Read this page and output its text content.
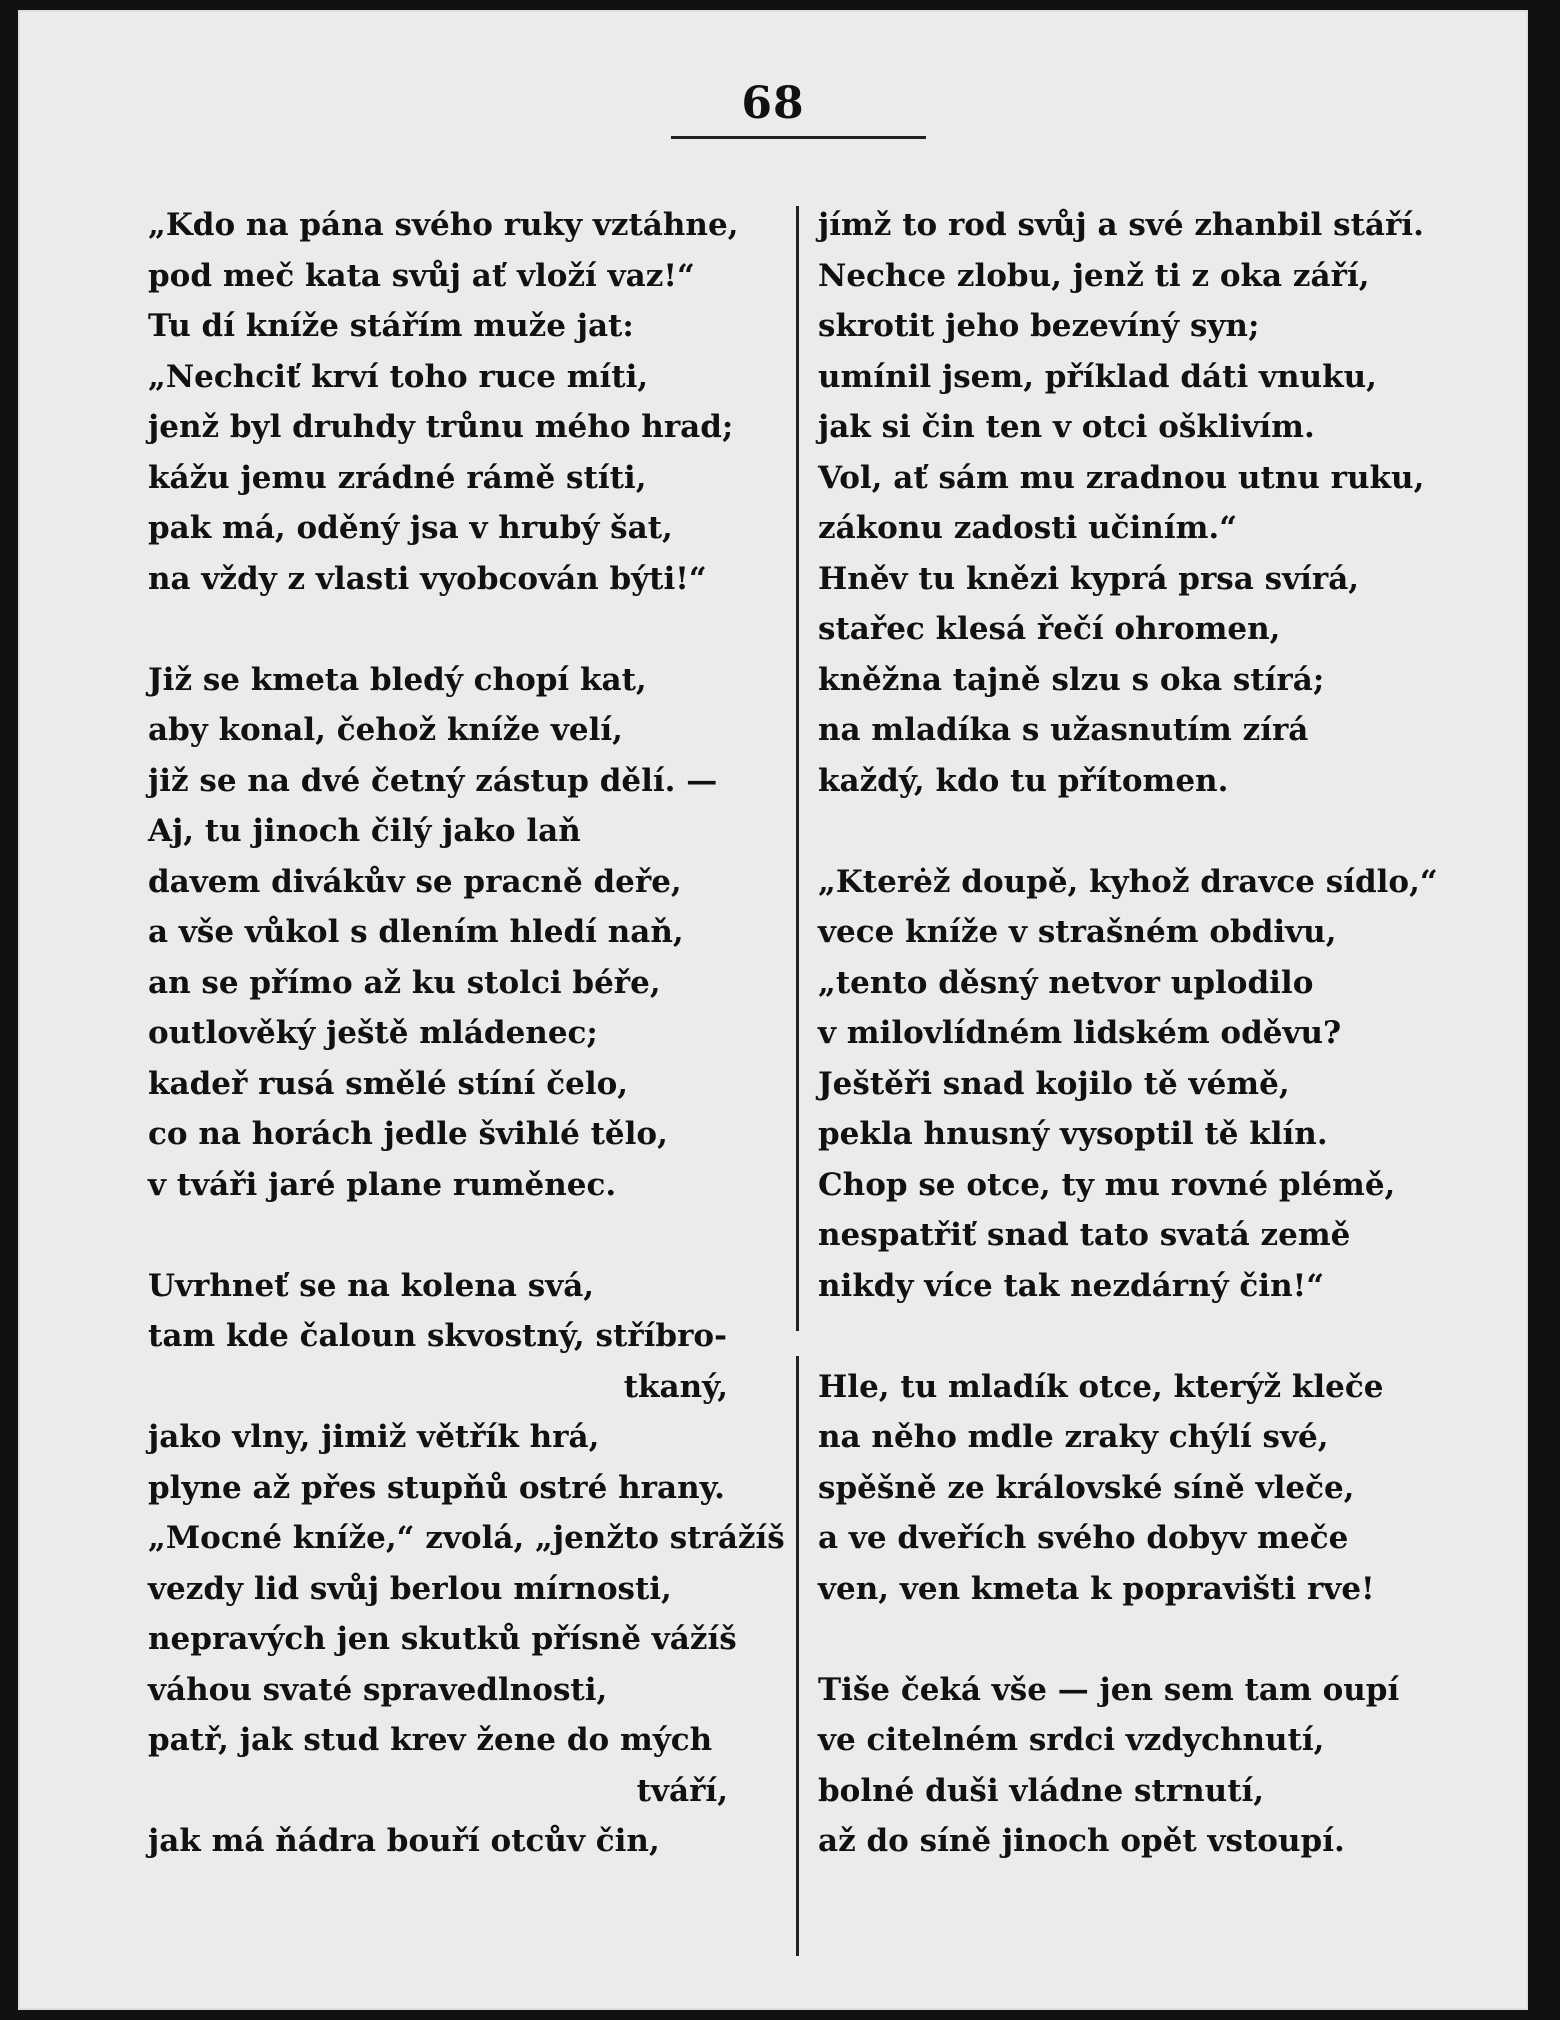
68
„Kdo na pána svého ruky vztáhne,
pod meč kata svůj ať vloží vaz!“
Tu dí kníže stářím muže jat:
„Nechciť krví toho ruce míti,
jenž byl druhdy trůnu mého hrad;
kážu jemu zrádné rámě stíti,
pak má, oděný jsa v hrubý šat,
na vždy z vlasti vyobcován býti!“
Již se kmeta bledý chopí kat,
aby konal, čehož kníže velí,
již se na dvé četný zástup dělí. —
Aj, tu jinoch čilý jako laň
davem divákův se pracně deře,
a vše vůkol s dlením hledí naň,
an se přímo až ku stolci béře,
outlověký ještě mládenec;
kadeř rusá smělé stíní čelo,
co na horách jedle švihlé tělo,
v tváři jaré plane ruměnec.
Uvrhneť se na kolena svá,
tam kde čaloun skvostný, stříbro-
tkaný,
jako vlny, jimiž větřík hrá,
plyne až přes stupňů ostré hrany.
„Mocné kníže,“ zvolá, „jenžto strážíš
vezdy lid svůj berlou mírnosti,
nepravých jen skutků přísně vážíš
váhou svaté spravedlnosti,
patř, jak stud krev žene do mých
tváří,
jak má ňádra bouří otcův čin,
jímž to rod svůj a své zhanbil stáří.
Nechce zlobu, jenž ti z oka září,
skrotit jeho bezevíný syn;
umínil jsem, příklad dáti vnuku,
jak si čin ten v otci ošklivím.
Vol, ať sám mu zradnou utnu ruku,
zákonu zadosti učiním.“
Hněv tu knězi kyprá prsa svírá,
stařec klesá řečí ohromen,
kněžna tajně slzu s oka stírá;
na mladíka s užasnutím zírá
každý, kdo tu přítomen.
„Kterėž doupě, kyhož dravce sídlo,“
vece kníže v strašném obdivu,
„tento děsný netvor uplodilo
v milovlídném lidském oděvu?
Ještěři snad kojilo tě vémě,
pekla hnusný vysoptil tě klín.
Chop se otce, ty mu rovné plémě,
nespatřiť snad tato svatá země
nikdy více tak nezdárný čin!“
Hle, tu mladík otce, kterýž klečе
na něho mdle zraky chýlí své,
spěšně ze královské síně vleče,
a ve dveřích svého dobyv meče
ven, ven kmeta k popravišti rve!
Tiše čeká vše — jen sem tam oupí
ve citelném srdci vzdychnutí,
bolné duši vládne strnutí,
až do síně jinoch opět vstoupí.
